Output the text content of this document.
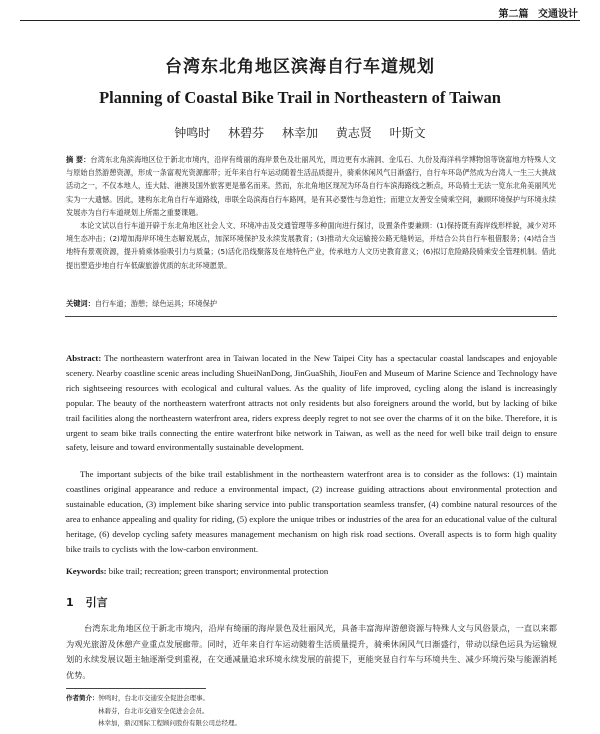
第二篇 交通设计
台湾东北角地区滨海自行车道规划
Planning of Coastal Bike Trail in Northeastern of Taiwan
钟鸣时 林碧芬 林幸加 黄志贤 叶斯文

摘 要：台湾东北角滨海地区位于新北市境内，沿岸有绮丽的海岸景色及壮丽风光，周边更有水湳洞、金瓜石、九份及海洋科学博物馆等饶富地方特殊人文与原始自然游憩资源，形成一条富观光资源廊带；近年来自行车运动随着生活品质提升，骑乘休闲风气日渐盛行，自行车环岛俨然成为台湾人一生三大挑战活动之一，不仅本地人，连大陆、港澳及国外旅客更是慕名而来。然而，东北角地区现况为环岛自行车滨海路线之断点，环岛骑士无法一览东北角美丽风光实为一大遗憾。因此，建构东北角自行车道路线，串联全岛滨海自行车路网，是有其必要性与急迫性；而建立友善安全骑乘空间，兼顾环境保护与环境永续发展亦为自行车道规划上所需之重要课题。

本论文试以自行车道开辟于东北角地区社会人文、环境冲击及交通管理等多种面向进行探讨，设置条件要兼顾：(1)保持既有海岸线形样貌，减少对环境生态冲击；(2)增加海岸环境生态解说展点，加深环境保护及永续发展教育；(3)推动大众运输接公路无缝转运，并结合公共自行车租借服务；(4)结合当地特有景观资源，提升骑乘体验吸引力与质量；(5)活化沿线聚落及在地特色产业，传承地方人文历史教育意义；(6)拟订危险路段骑乘安全管理机制。借此提出塑造步地自行车低碳旅游优质的东北环境愿景。

关键词：自行车道；游憩；绿色运具；环境保护

Abstract: The northeastern waterfront area in Taiwan located in the New Taipei City has a spectacular coastal landscapes and enjoyable scenery. Nearby coastline scenic areas including ShueiNanDong, JinGuaShih, JiouFen and Museum of Marine Science and Technology have rich sightseeing resources with ecological and cultural values. As the quality of life improved, cycling along the island is increasingly popular. The beauty of the northeastern waterfront attracts not only residents but also foreigners around the world, but by lacking of bike trail facilities along the northeastern waterfront area, riders express deeply regret to not see over the charms of it on the bike. Therefore, it is urgent to seam bike trails connecting the entire waterfront bike network in Taiwan, as well as the need for well bike trail deign to ensure safety, leisure and toward environmentally sustainable development.

The important subjects of the bike trail establishment in the northeastern waterfront area is to consider as the follows: (1) maintain coastlines original appearance and reduce a environmental impact, (2) increase guiding attractions about environmental protection and sustainable education, (3) implement bike sharing service into public transportation seamless transfer, (4) combine natural resources of the area to enhance appealing and quality for riding, (5) explore the unique tribes or industries of the area for an educational value of the cultural heritage, (6) develop cycling safety measures management mechanism on high risk road sections. Overall aspects is to form high quality bike trails to cyclists with the low-carbon environment.

Keywords: bike trail; recreation; green transport; environmental protection

1 引言

台湾东北角地区位于新北市境内，沿岸有绮丽的海岸景色及壮丽风光，具备丰富海岸游憩资源与特殊人文与风俗景点，一直以来都为观光旅游及休憩产业重点发展廊带。同时，近年来自行车运动随着生活质量提升，骑乘休闲风气日渐盛行，带动以绿色运具为运输规划的永续发展议题主轴逐渐受到重视，在交通减量追求环境永续发展的前提下，更能突显自行车与环境共生、减少环境污染与能源消耗优势。

作者简介：钟鸣时，台北市交通安全促进会理事。
林碧芬，台北市交通安全促进会会员。
林幸加，鼎汉国际工程顾问股份有限公司总经理。
